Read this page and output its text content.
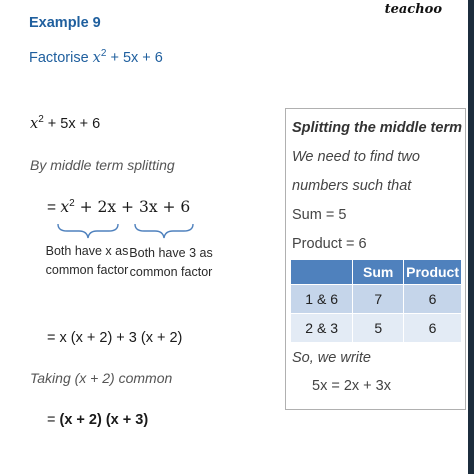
teachoo
Example 9
Factorise $x^2 + 5x + 6$
$x^2 + 5x + 6$
By middle term splitting
= $x^2 + 2x + 3x + 6$
Both have x as common factor
Both have 3 as common factor
= x (x + 2) + 3 (x + 2)
Taking (x + 2) common
= (x + 2) (x + 3)
Splitting the middle term
We need to find two
numbers such that
Sum = 5
Product = 6
	Sum	Product
1 & 6	7	6
2 & 3	5	6
So, we write
5x = 2x + 3x
